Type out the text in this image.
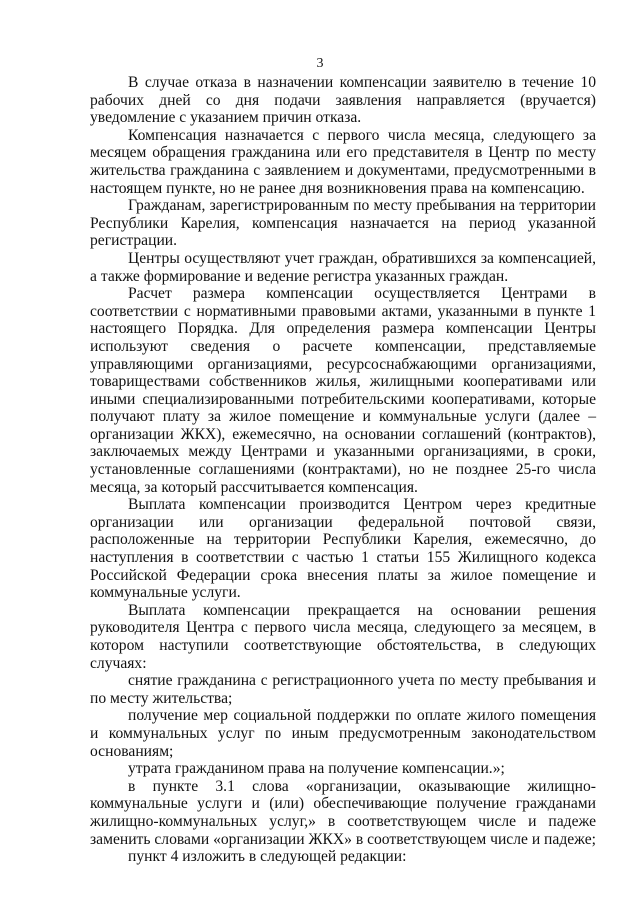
3

В случае отказа в назначении компенсации заявителю в течение 10 рабочих дней со дня подачи заявления направляется (вручается) уведомление с указанием причин отказа.

Компенсация назначается с первого числа месяца, следующего за месяцем обращения гражданина или его представителя в Центр по месту жительства гражданина с заявлением и документами, предусмотренными в настоящем пункте, но не ранее дня возникновения права на компенсацию.

Гражданам, зарегистрированным по месту пребывания на территории Республики Карелия, компенсация назначается на период указанной регистрации.

Центры осуществляют учет граждан, обратившихся за компенсацией, а также формирование и ведение регистра указанных граждан.

Расчет размера компенсации осуществляется Центрами в соответствии с нормативными правовыми актами, указанными в пункте 1 настоящего Порядка. Для определения размера компенсации Центры используют сведения о расчете компенсации, представляемые управляющими организациями, ресурсоснабжающими организациями, товариществами собственников жилья, жилищными кооперативами или иными специализированными потребительскими кооперативами, которые получают плату за жилое помещение и коммунальные услуги (далее – организации ЖКХ), ежемесячно, на основании соглашений (контрактов), заключаемых между Центрами и указанными организациями, в сроки, установленные соглашениями (контрактами), но не позднее 25-го числа месяца, за который рассчитывается компенсация.

Выплата компенсации производится Центром через кредитные организации или организации федеральной почтовой связи, расположенные на территории Республики Карелия, ежемесячно, до наступления в соответствии с частью 1 статьи 155 Жилищного кодекса Российской Федерации срока внесения платы за жилое помещение и коммунальные услуги.

Выплата компенсации прекращается на основании решения руководителя Центра с первого числа месяца, следующего за месяцем, в котором наступили соответствующие обстоятельства, в следующих случаях:

снятие гражданина с регистрационного учета по месту пребывания и по месту жительства;

получение мер социальной поддержки по оплате жилого помещения и коммунальных услуг по иным предусмотренным законодательством основаниям;

утрата гражданином права на получение компенсации.»;

в пункте 3.1 слова «организации, оказывающие жилищно-коммунальные услуги и (или) обеспечивающие получение гражданами жилищно-коммунальных услуг,» в соответствующем числе и падеже заменить словами «организации ЖКХ» в соответствующем числе и падеже;

пункт 4 изложить в следующей редакции:
